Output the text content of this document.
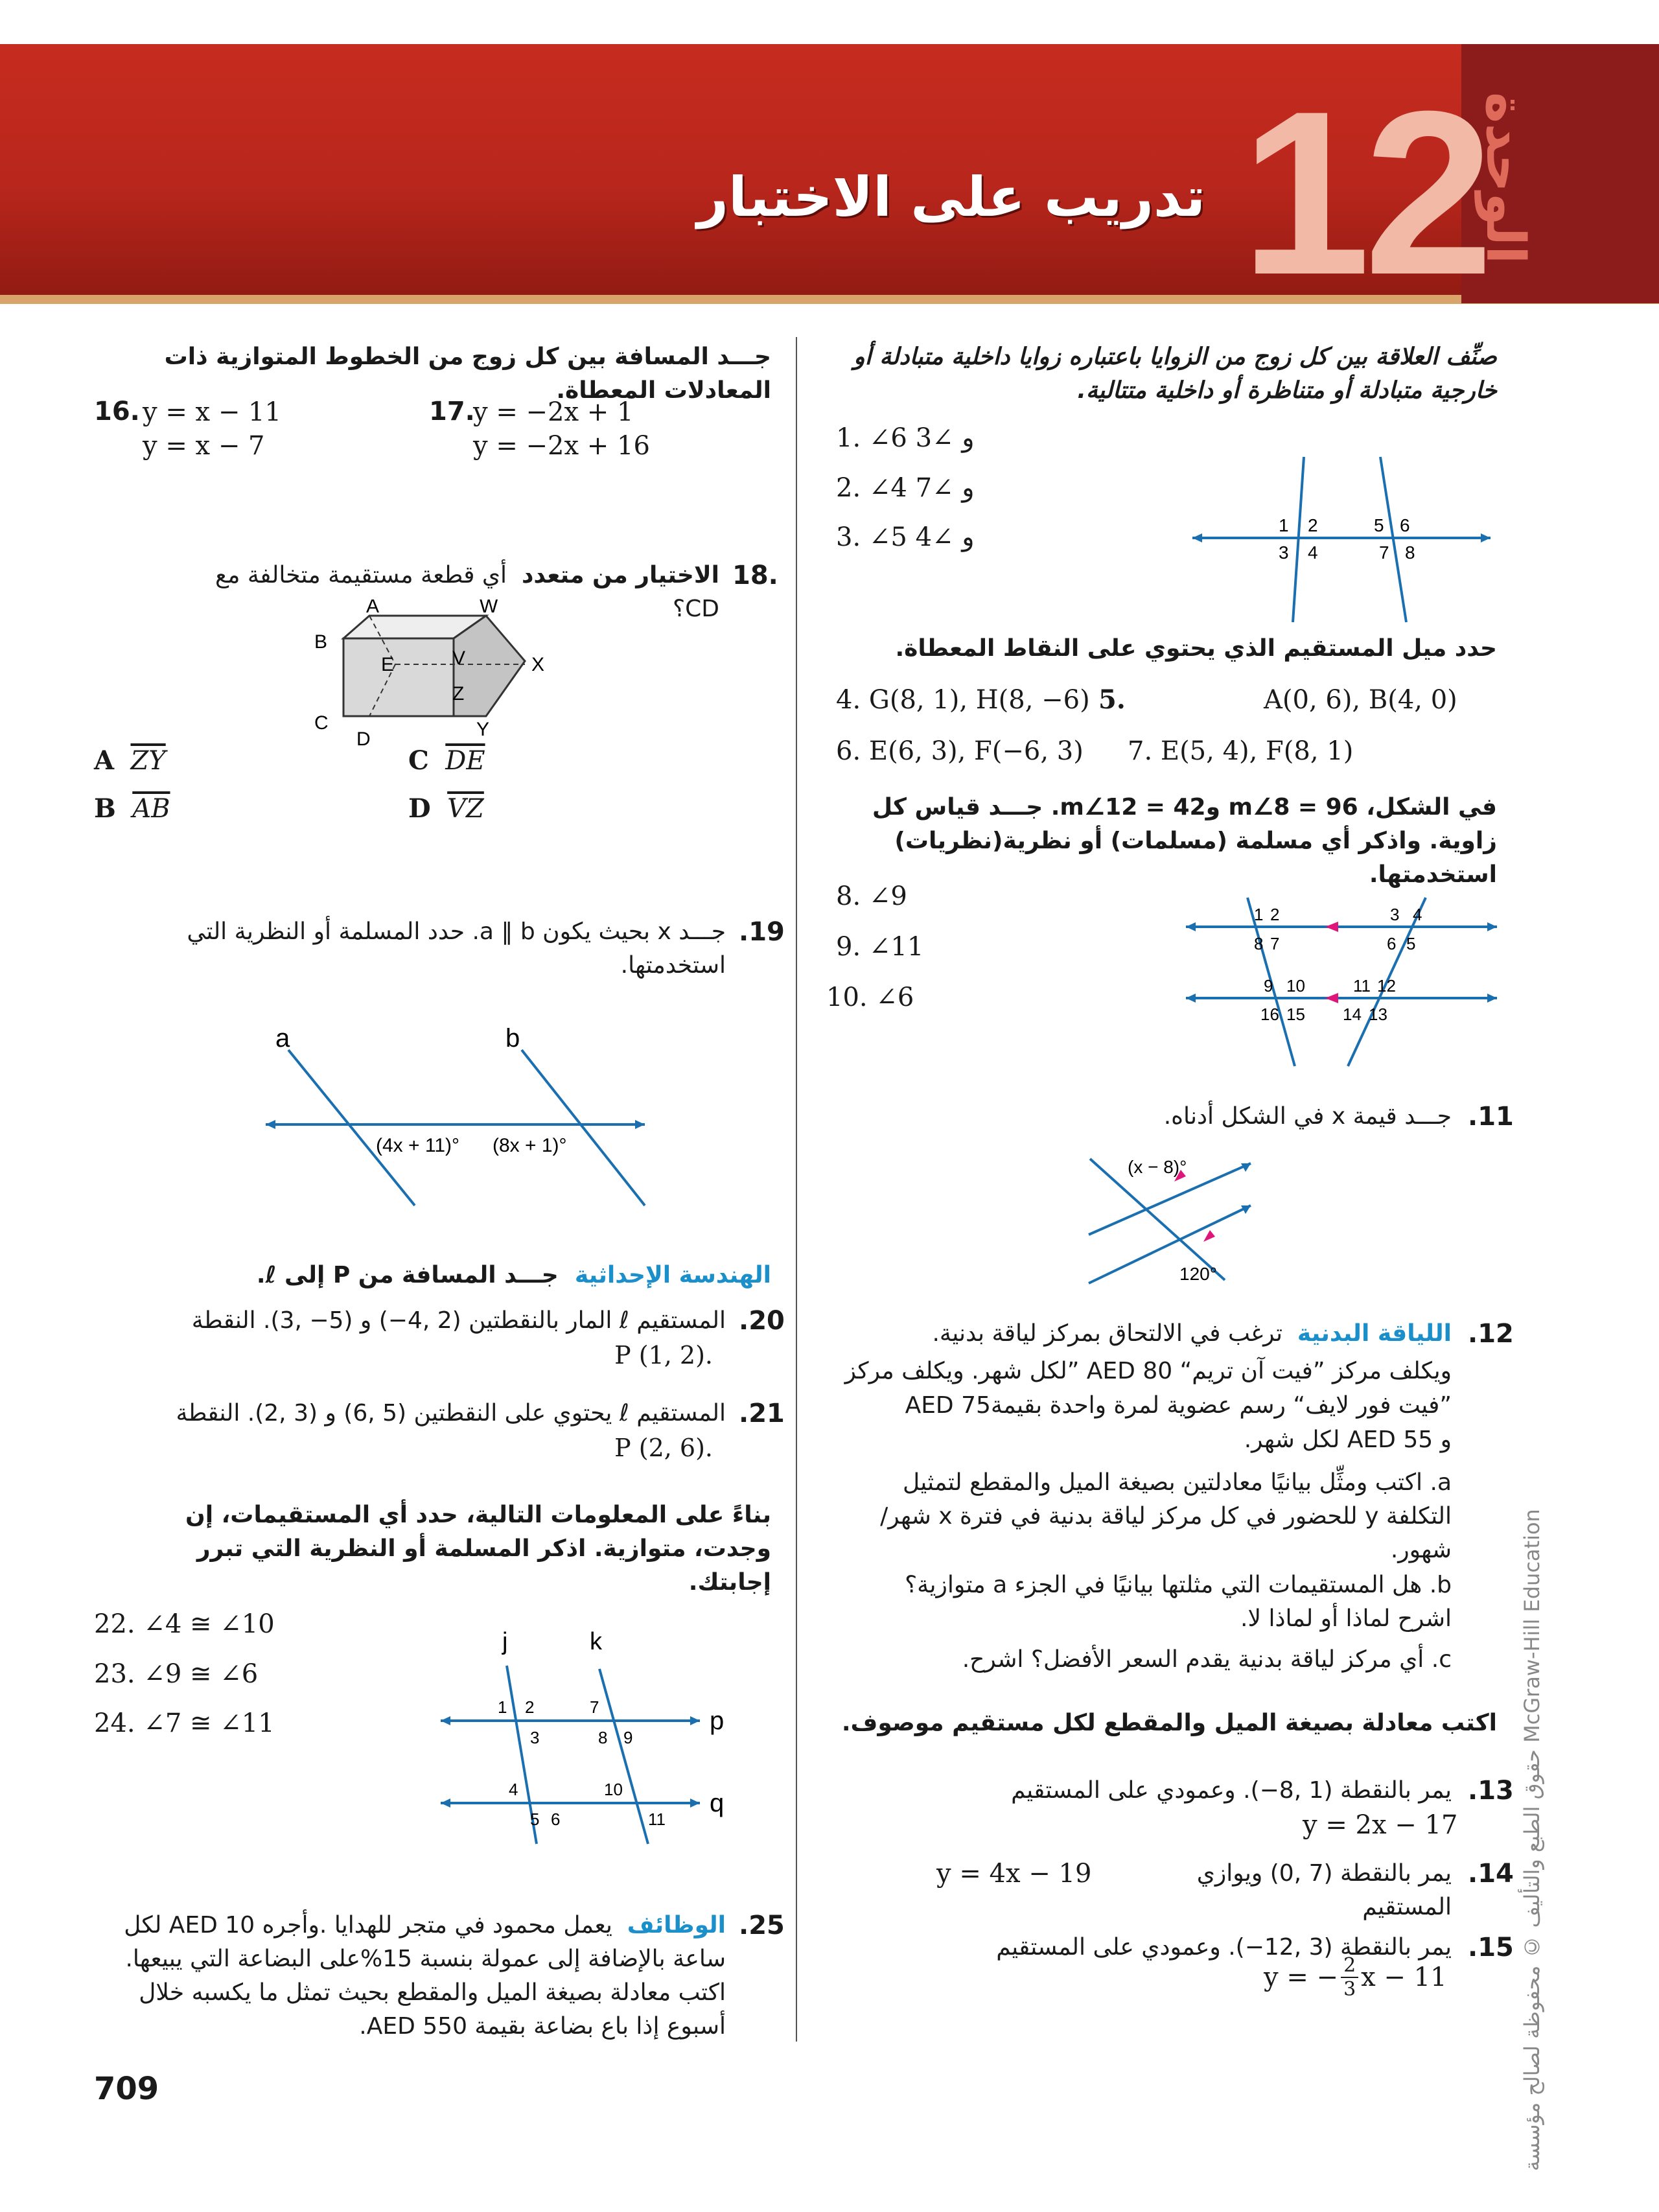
الوحدة
12
تدريب على الاختبار
صنِّف العلاقة بين كل زوج من الزوايا باعتباره زوايا داخلية متبادلة أو خارجية متبادلة أو متناظرة أو داخلية متتالية.
1. ∠6 و ∠3
2. ∠4 و ∠7
3. ∠5 و ∠4	1 2
3 4
5 6
7 8
حدد ميل المستقيم الذي يحتوي على النقاط المعطاة.
4. G(8, 1), H(8, −6) 5.	A(0, 6), B(4, 0)
6. E(6, 3), F(−6, 3) 7. E(5, 4), F(8, 1)
في الشكل، m∠8 = 96 وm∠12 = 42. جـــد قياس كل زاوية. واذكر أي مسلمة (مسلمات) أو نظرية(نظريات) استخدمتها.
8. ∠9
9. ∠11
10. ∠6
1 2	3 4
8 7	6 5
9 10	11 12
16 15 14 13
.11
جـــد قيمة x في الشكل أدناه.
(x − 8)°
120°
.12
اللياقة البدنية  ترغب في الالتحاق بمركز لياقة بدنية.
ويكلف مركز ”فيت آن تريم“ AED 80 ”لكل شهر. ويكلف مركز
”فيت فور لايف“ رسم عضوية لمرة واحدة بقيمة75 AED
و AED 55 لكل شهر.
a. اكتب ومثِّل بيانيًا معادلتين بصيغة الميل والمقطع لتمثيل التكلفة y للحضور في كل مركز لياقة بدنية في فترة x شهر/شهور.
b. هل المستقيمات التي مثلتها بيانيًا في الجزء a متوازية؟ اشرح لماذا أو لماذا لا.
c. أي مركز لياقة بدنية يقدم السعر الأفضل؟ اشرح.
اكتب معادلة بصيغة الميل والمقطع لكل مستقيم موصوف.
.13
يمر بالنقطة (1 ,8−). وعمودي على المستقيم
y = 2x − 17
.14
يمر بالنقطة (7 ,0) ويوازي المستقيم
y = 4x − 19
.15
يمر بالنقطة (3 ,12−). وعمودي على المستقيم
y = − $\frac{2}{3}$ x − 11
جـــد المسافة بين كل زوج من الخطوط المتوازية ذات المعادلات المعطاة.
16. y = x − 11
y = x − 7
17.
y = −2x + 1
y = −2x + 16
18.
الاختيار من متعدد  أي قطعة مستقيمة متخالفة مع CD؟
A	W
B
V
E	X
Z
C
D	Y
A $\overline{ZY}$
B $\overline{AB}$
C $\overline{DE}$
D $\overline{VZ}$
.19
جـــد x بحيث يكون a ‖ b. حدد المسلمة أو النظرية التي استخدمتها.
a	b
(4x + 11)° (8x + 1)°
الهندسة الإحداثية  جـــد المسافة من P إلى ℓ.
.20
المستقيم ℓ المار بالنقطتين (2 ,4−) و (5− ,3). النقطة
.P (1, 2)
.21
المستقيم ℓ يحتوي على النقطتين (5 ,6) و (3 ,2). النقطة
.P (2, 6)
بناءً على المعلومات التالية، حدد أي المستقيمات، إن وجدت، متوازية. اذكر المسلمة أو النظرية التي تبرر إجابتك.
22. ∠4 ≅ ∠10
23. ∠9 ≅ ∠6
24. ∠7 ≅ ∠11
j	k
p
q
1 2
3
7
8 9
4
5 6
10
11
.25
الوظائف  يعمل محمود في متجر للهدايا .وأجره AED 10 لكل ساعة بالإضافة إلى عمولة بنسبة 15%على البضاعة التي يبيعها. اكتب معادلة بصيغة الميل والمقطع بحيث تمثل ما يكسبه خلال أسبوع إذا باع بضاعة بقيمة AED 550.
709	حقوق الطبع والتأليف © محفوظة لصالح مؤسسة McGraw-Hill Education
